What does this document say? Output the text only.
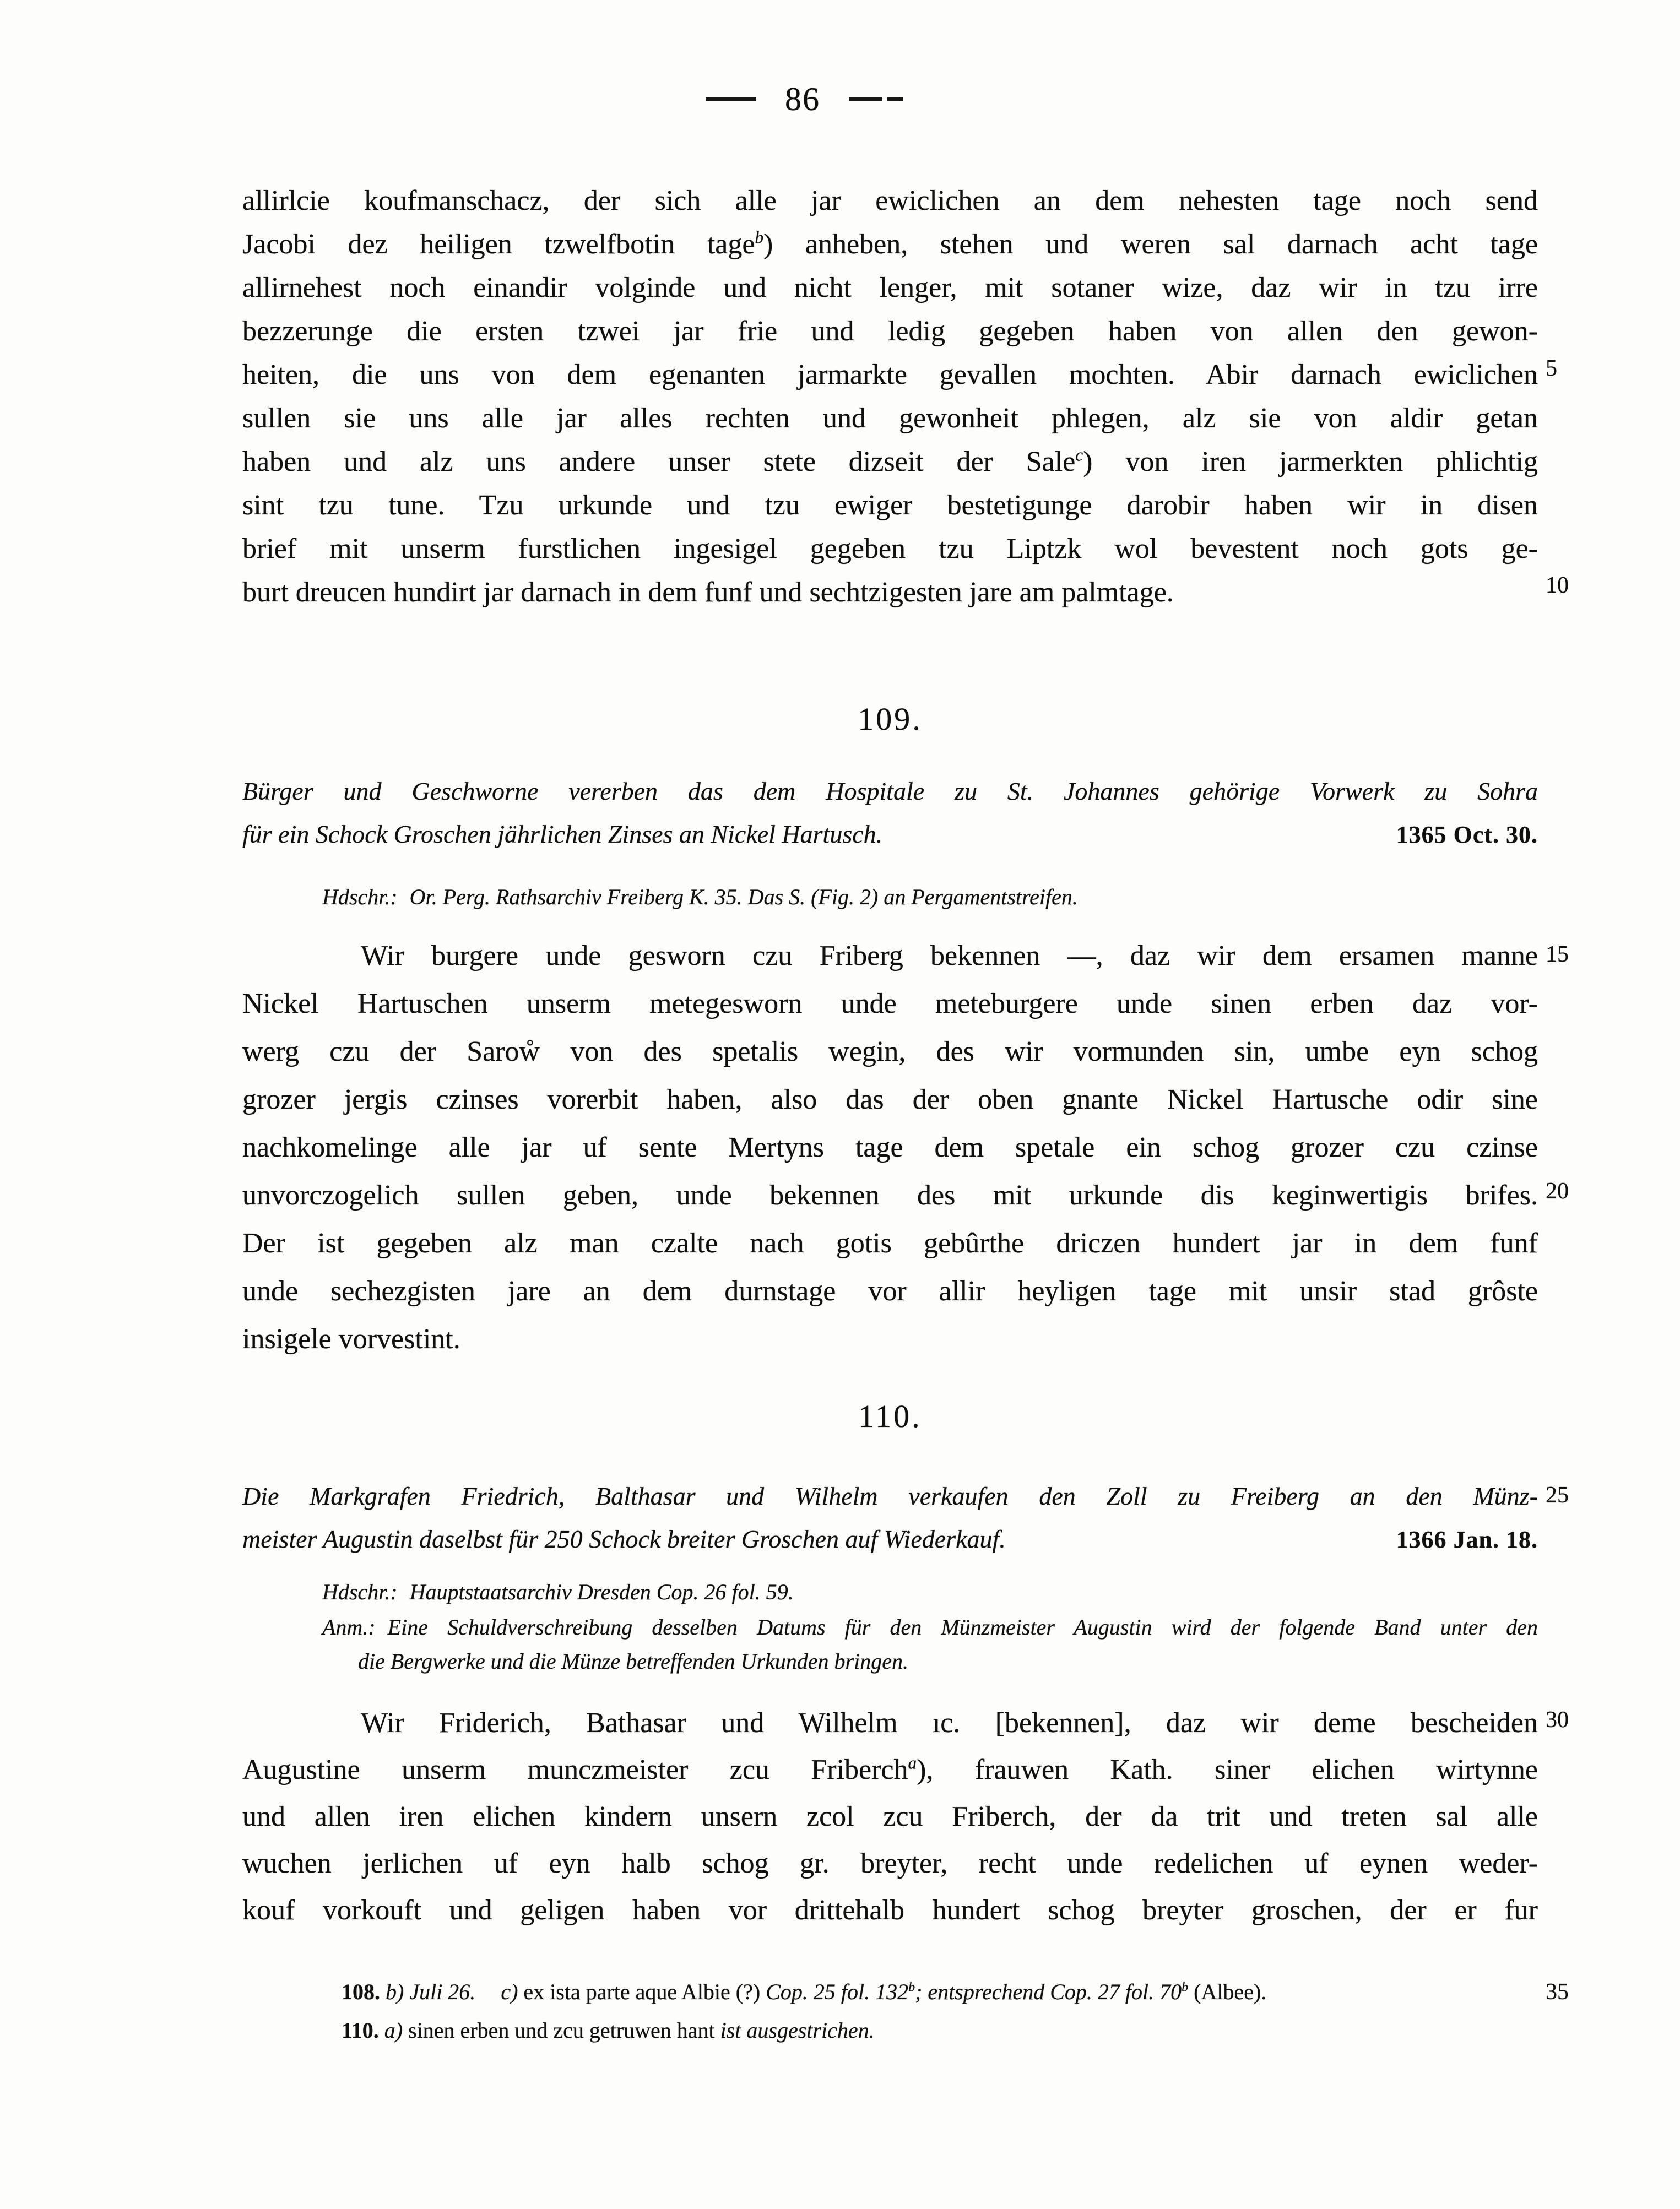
86
allirlcie koufmanschacz, der sich alle jar ewiclichen an dem nehesten tage noch send
Jacobi dez heiligen tzwelfbotin tage$^b$) anheben, stehen und weren sal darnach acht tage
allirnehest noch einandir volginde und nicht lenger, mit sotaner wize, daz wir in tzu irre
bezzerunge die ersten tzwei jar frie und ledig gegeben haben von allen den gewon-
heiten, die uns von dem egenanten jarmarkte gevallen mochten. Abir darnach ewiclichen
sullen sie uns alle jar alles rechten und gewonheit phlegen, alz sie von aldir getan
haben und alz uns andere unser stete dizseit der Sale$^c$) von iren jarmerkten phlichtig
sint tzu tune. Tzu urkunde und tzu ewiger bestetigunge darobir haben wir in disen
brief mit unserm furstlichen ingesigel gegeben tzu Liptzk wol bevestent noch gots ge-
burt dreucen hundirt jar darnach in dem funf und sechtzigesten jare am palmtage.
109.
Bürger und Geschworne vererben das dem Hospitale zu St. Johannes gehörige Vorwerk zu Sohra
für ein Schock Groschen jährlichen Zinses an Nickel Hartusch.	1365 Oct. 30.
Hdschr.: Or. Perg. Rathsarchiv Freiberg K. 35. Das S. (Fig. 2) an Pergamentstreifen.
Wir burgere unde gesworn czu Friberg bekennen —, daz wir dem ersamen manne
Nickel Hartuschen unserm metegesworn unde meteburgere unde sinen erben daz vor-
werg czu der Saroẘ von des spetalis wegin, des wir vormunden sin, umbe eyn schog
grozer jergis czinses vorerbit haben, also das der oben gnante Nickel Hartusche odir sine
nachkomelinge alle jar uf sente Mertyns tage dem spetale ein schog grozer czu czinse
unvorczogelich sullen geben, unde bekennen des mit urkunde dis keginwertigis brifes.
Der ist gegeben alz man czalte nach gotis gebûrthe driczen hundert jar in dem funf
unde sechezgisten jare an dem durnstage vor allir heyligen tage mit unsir stad grôste
insigele vorvestint.
110.
Die Markgrafen Friedrich, Balthasar und Wilhelm verkaufen den Zoll zu Freiberg an den Münz-
meister Augustin daselbst für 250 Schock breiter Groschen auf Wiederkauf.	1366 Jan. 18.
Hdschr.: Hauptstaatsarchiv Dresden Cop. 26 fol. 59.
Anm.: Eine Schuldverschreibung desselben Datums für den Münzmeister Augustin wird der folgende Band unter den
die Bergwerke und die Münze betreffenden Urkunden bringen.
Wir Friderich, Bathasar und Wilhelm ıc. [bekennen], daz wir deme bescheiden
Augustine unserm munczmeister zcu Friberch$^a$), frauwen Kath. siner elichen wirtynne
und allen iren elichen kindern unsern zcol zcu Friberch, der da trit und treten sal alle
wuchen jerlichen uf eyn halb schog gr. breyter, recht unde redelichen uf eynen weder-
kouf vorkouft und geligen haben vor drittehalb hundert schog breyter groschen, der er fur
108. b) Juli 26. c) ex ista parte aque Albie (?) Cop. 25 fol. 132$^b$; entsprechend Cop. 27 fol. 70$^b$ (Albee).
110. a) sinen erben und zcu getruwen hant ist ausgestrichen.
5
10
15
20
25
30
35
